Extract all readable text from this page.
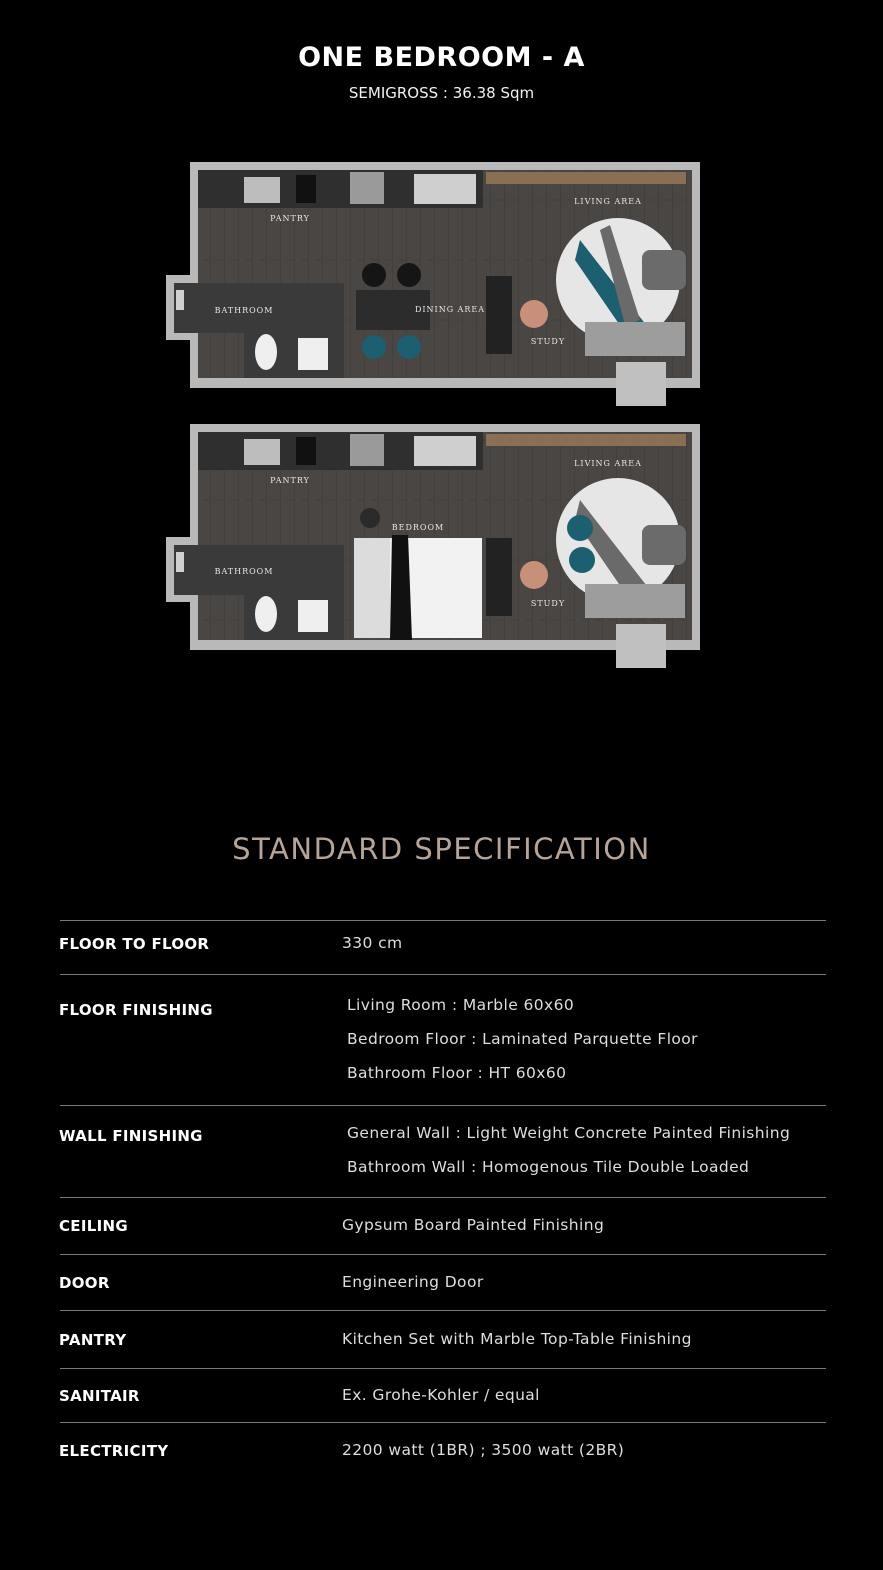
ONE BEDROOM - A
SEMIGROSS : 36.38 Sqm
PANTRY
LIVING AREA
BATHROOM	DINING AREA
STUDY
PANTRY
LIVING AREA
BEDROOM
BATHROOM
STUDY
STANDARD SPECIFICATION
FLOOR TO FLOOR	330 cm
FLOOR FINISHING	Living Room : Marble 60x60
Bedroom Floor : Laminated Parquette Floor
Bathroom Floor : HT 60x60
WALL FINISHING	General Wall : Light Weight Concrete Painted Finishing
Bathroom Wall : Homogenous Tile Double Loaded
CEILING	Gypsum Board Painted Finishing
DOOR	Engineering Door
PANTRY	Kitchen Set with Marble Top-Table Finishing
SANITAIR	Ex. Grohe-Kohler / equal
ELECTRICITY	2200 watt (1BR) ; 3500 watt (2BR)
